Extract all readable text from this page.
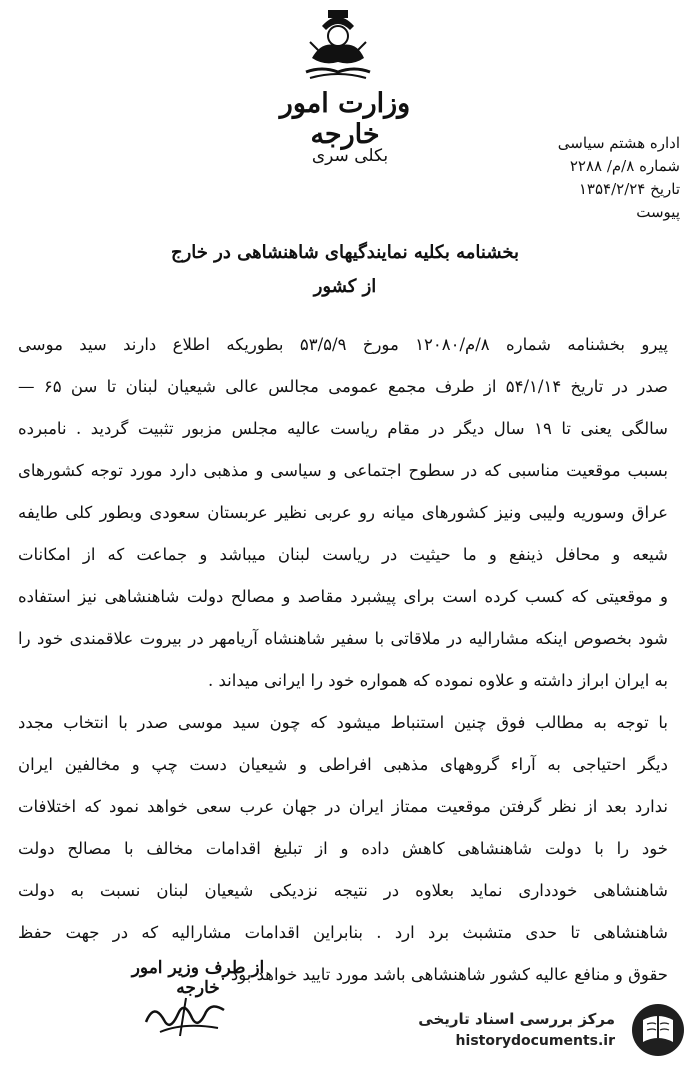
وزارت امور خارجه
بکلی سری
اداره هشتم سیاسی
شماره ۸/م/ ۲۲۸۸
تاریخ ۱۳۵۴/۲/۲۴
پیوست
بخشنامه بکلیه نمایندگیهای شاهنشاهی در خارج
از کشور
پیرو بخشنامه شماره ۸/م/۱۲۰۸۰ مورخ ۵۳/۵/۹ بطوریکه اطلاع دارند سید موسی
صدر در تاریخ ۵۴/۱/۱۴ از طرف مجمع عمومی مجالس عالی شیعیان لبنان تا سن ۶۵ —
سالگی یعنی تا ۱۹ سال دیگر در مقام ریاست عالیه مجلس مزبور تثبیت گردید . نامبرده
بسبب موقعیت مناسبی که در سطوح اجتماعی و سیاسی و مذهبی دارد مورد توجه کشورهای
عراق وسوریه ولیبی ونیز کشورهای میانه رو عربی نظیر عربستان سعودی وبطور کلی طایفه
شیعه و محافل ذینفع و ما حیثیت در ریاست لبنان میباشد و جماعت که از امکانات
و موقعیتی که کسب کرده است برای پیشبرد مقاصد و مصالح دولت شاهنشاهی نیز استفاده
شود بخصوص اینکه مشارالیه در ملاقاتی با سفیر شاهنشاه آریامهر در بیروت علاقمندی خود را
به ایران ابراز داشته و علاوه نموده که همواره خود را ایرانی میداند .
با توجه به مطالب فوق چنین استنباط میشود که چون سید موسی صدر با انتخاب مجدد
دیگر احتیاجی به آراء گروههای مذهبی افراطی و شیعیان دست چپ و مخالفین ایران
ندارد بعد از نظر گرفتن موقعیت ممتاز ایران در جهان عرب سعی خواهد نمود که اختلافات
خود را با دولت شاهنشاهی کاهش داده و از تبلیغ اقدامات مخالف با مصالح دولت
شاهنشاهی خودداری نماید بعلاوه در نتیجه نزدیکی شیعیان لبنان نسبت به دولت
شاهنشاهی تا حدی متشبث برد ارد . بنابراین اقدامات مشارالیه که در جهت حفظ
حقوق و منافع عالیه کشور شاهنشاهی باشد مورد تایید خواهد بود .
از طرف وزیر امور خارجه
مرکز بررسی اسناد تاریخی
historydocuments.ir
